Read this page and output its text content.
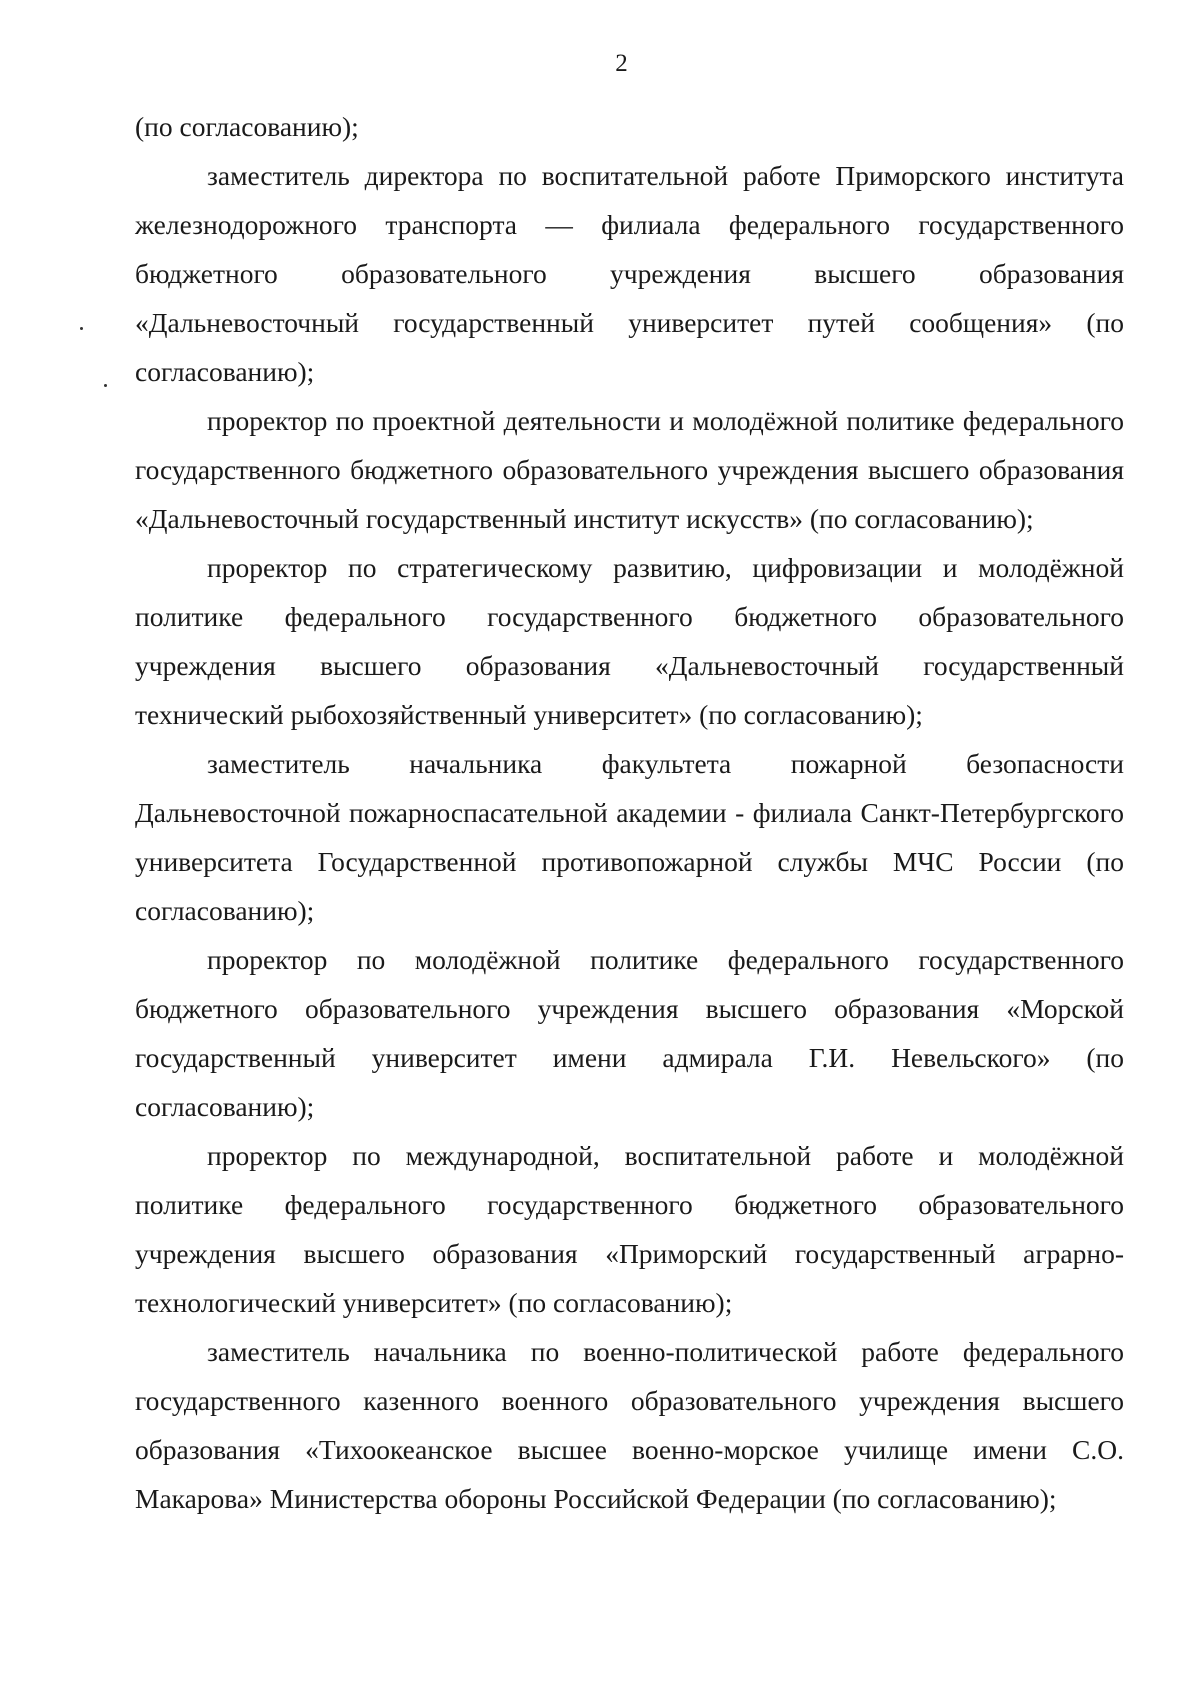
2

(по согласованию);

заместитель директора по воспитательной работе Приморского института железнодорожного транспорта — филиала федерального государственного бюджетного образовательного учреждения высшего образования «Дальневосточный государственный университет путей сообщения» (по согласованию);

проректор по проектной деятельности и молодёжной политике федерального государственного бюджетного образовательного учреждения высшего образования «Дальневосточный государственный институт искусств» (по согласованию);

проректор по стратегическому развитию, цифровизации и молодёжной политике федерального государственного бюджетного образовательного учреждения высшего образования «Дальневосточный государственный технический рыбохозяйственный университет» (по согласованию);

заместитель начальника факультета пожарной безопасности Дальневосточной пожарноспасательной академии - филиала Санкт-Петербургского университета Государственной противопожарной службы МЧС России (по согласованию);

проректор по молодёжной политике федерального государственного бюджетного образовательного учреждения высшего образования «Морской государственный университет имени адмирала Г.И. Невельского» (по согласованию);

проректор по международной, воспитательной работе и молодёжной политике федерального государственного бюджетного образовательного учреждения высшего образования «Приморский государственный аграрно-технологический университет» (по согласованию);

заместитель начальника по военно-политической работе федерального государственного казенного военного образовательного учреждения высшего образования «Тихоокеанское высшее военно-морское училище имени С.О. Макарова» Министерства обороны Российской Федерации (по согласованию);
